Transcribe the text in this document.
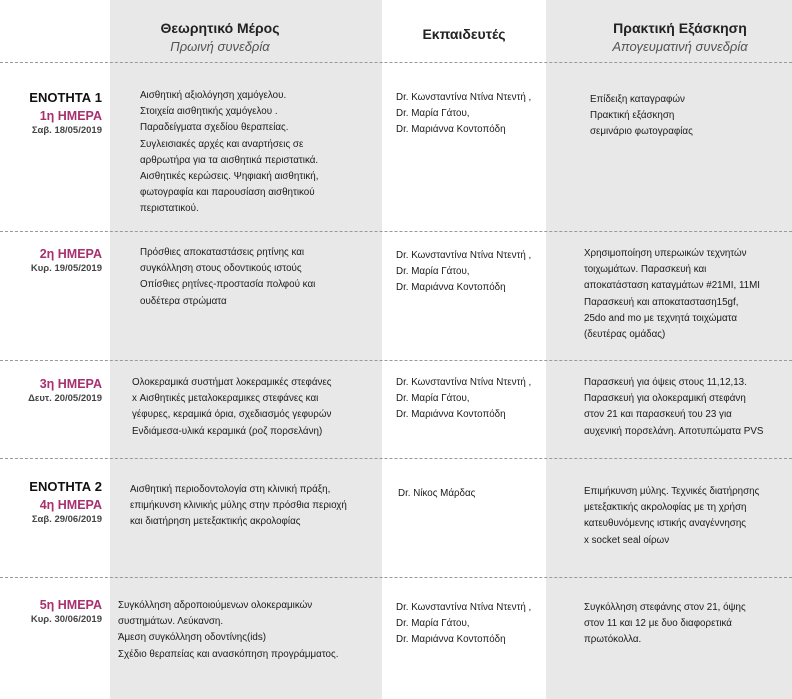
Θεωρητικό Μέρος
Πρωινή συνεδρία
Εκπαιδευτές	Πρακτική Εξάσκηση
Απογευματινή συνεδρία
ΕΝΟΤΗΤΑ 1
1η ΗΜΕΡΑ
Σαβ. 18/05/2019

Αισθητική αξιολόγηση χαμόγελου.

Στοιχεία αισθητικής χαμόγελου .

Παραδείγματα σχεδίου θεραπείας.

Συγλεισιακές αρχές και αναρτήσεις σε

αρθρωτήρα για τα αισθητικά περιστατικά.

Αισθητικές κερώσεις. Ψηφιακή αισθητική,

φωτογραφία και παρουσίαση αισθητικού

περιστατικού.

Dr. Κωνσταντίνα Ντίνα Ντεντή ,

Dr. Μαρία Γάτου,

Dr. Μαριάννα Κοντοπόδη

Επίδειξη καταγραφών

Πρακτική εξάσκηση

σεμινάριο φωτογραφίας

2η ΗΜΕΡΑ
Κυρ. 19/05/2019

Πρόσθιες αποκαταστάσεις ρητίνης και

συγκόλληση στους οδοντικούς ιστούς

Οπίσθιες ρητίνες-προστασία πολφού και

ουδέτερα στρώματα

Dr. Κωνσταντίνα Ντίνα Ντεντή ,

Dr. Μαρία Γάτου,

Dr. Μαριάννα Κοντοπόδη

Χρησιμοποίηση υπερωικών τεχνητών

τοιχωμάτων. Παρασκευή και

αποκατάσταση καταγμάτων #21MI, 11MI

Παρασκευή και αποκατασταση15gf,

25do and mo με τεχνητά τοιχώματα

(δευτέρας ομάδας)

3η ΗΜΕΡΑ
Δευτ. 20/05/2019

Ολοκεραμικά συστήματ λοκεραμικές στεφάνες

x Αισθητικές μεταλοκεραμικες στεφάνες και

γέφυρες, κεραμικά όρια, σχεδιασμός γεφυρών

Ενδιάμεσα-υλικά κεραμικά (ροζ πορσελάνη)

Dr. Κωνσταντίνα Ντίνα Ντεντή ,

Dr. Μαρία Γάτου,

Dr. Μαριάννα Κοντοπόδη

Παρασκευή για όψεις στους 11,12,13.

Παρασκευή για ολοκεραμική στεφάνη

στον 21 και παρασκευή του 23 για

αυχενική πορσελάνη. Αποτυπώματα PVS

ΕΝΟΤΗΤΑ 2
4η ΗΜΕΡΑ
Σαβ. 29/06/2019

Αισθητική περιοδοντολογία στη κλινική πράξη,

επιμήκυνση κλινικής μύλης στην πρόσθια περιοχή

και διατήρηση μετεξακτικής ακρολοφίας

Dr. Νίκος Μάρδας	Επιμήκυνση μύλης. Τεχνικές διατήρησης

μετεξακτικής ακρολοφίας με τη χρήση

κατευθυνόμενης ιστικής αναγέννησης

x socket seal οίρων

5η ΗΜΕΡΑ
Κυρ. 30/06/2019

Συγκόλληση αδροποιούμενων ολοκεραμικών

συστημάτων. Λεύκανση.

Άμεση συγκόλληση οδοντίνης(ids)

Σχέδιο θεραπείας και ανασκόπηση προγράμματος.

Dr. Κωνσταντίνα Ντίνα Ντεντή ,

Dr. Μαρία Γάτου,

Dr. Μαριάννα Κοντοπόδη

Συγκόλληση στεφάνης στον 21, όψης

στον 11 και 12 με δυο διαφορετικά

πρωτόκολλα.
